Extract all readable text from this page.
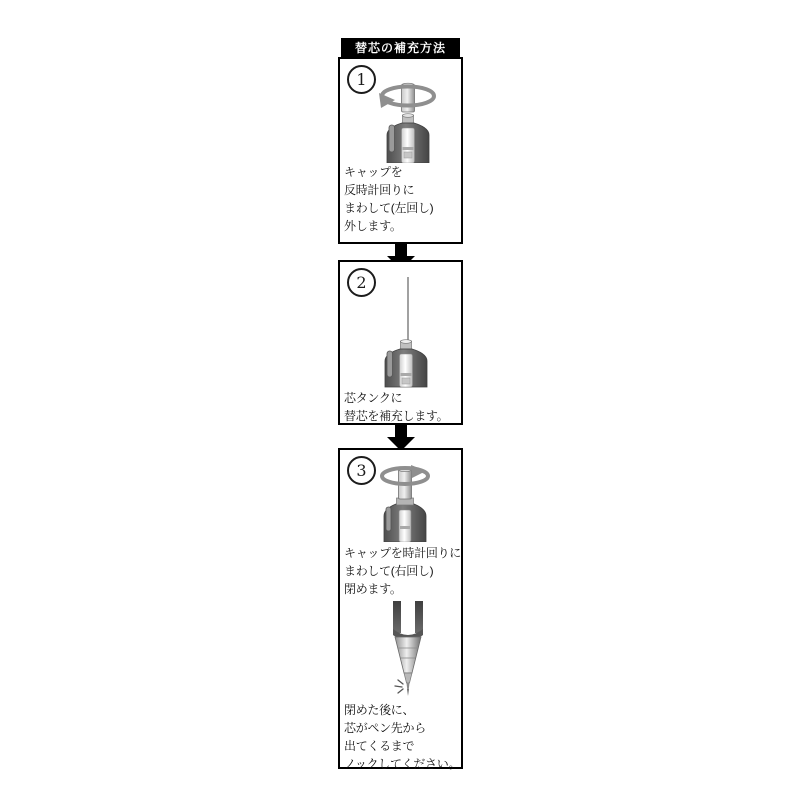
替芯の補充方法
1
キャップを
反時計回りに
まわして(左回し)
外します。
2
芯タンクに
替芯を補充します。
3
キャップを時計回りに
まわして(右回し)
閉めます。
閉めた後に、
芯がペン先から
出てくるまで
ノックしてください。
